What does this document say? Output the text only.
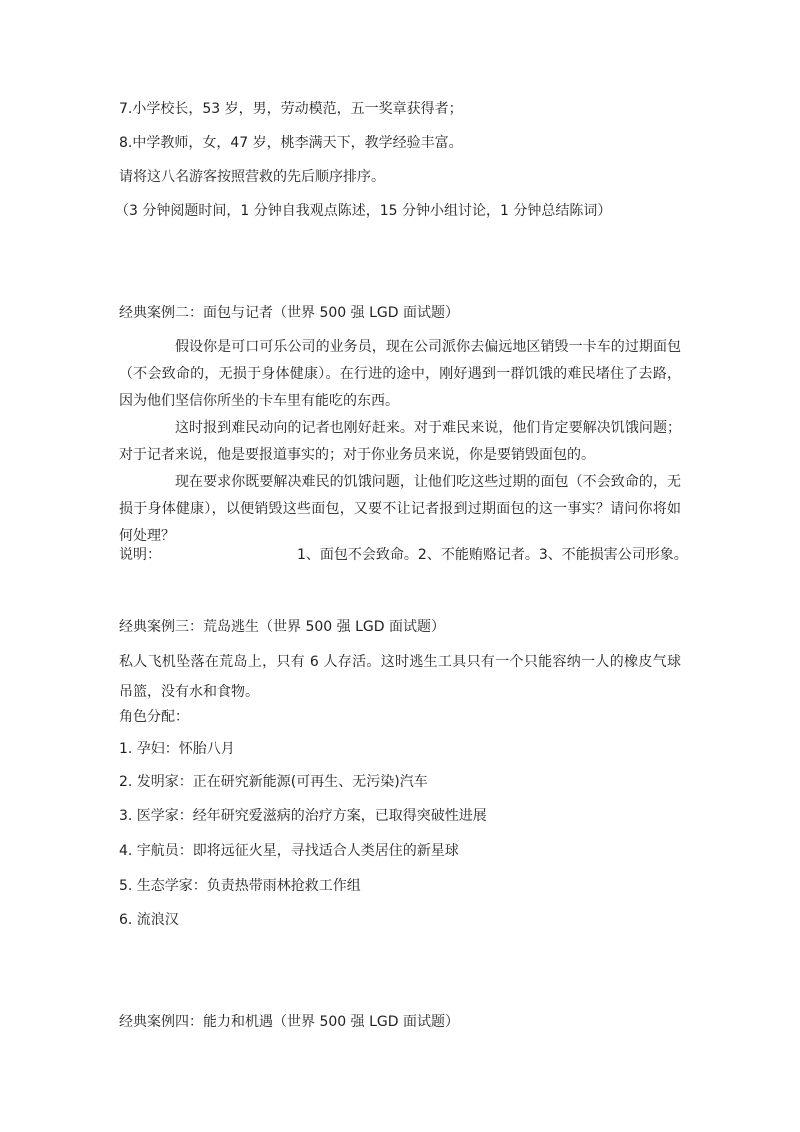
7.小学校长，53 岁，男，劳动模范，五一奖章获得者；

8.中学教师，女，47 岁，桃李满天下，教学经验丰富。

请将这八名游客按照营救的先后顺序排序。

（3 分钟阅题时间，1 分钟自我观点陈述，15 分钟小组讨论，1 分钟总结陈词）

经典案例二：面包与记者（世界 500 强 LGD 面试题）

假设你是可口可乐公司的业务员，现在公司派你去偏远地区销毁一卡车的过期面包（不会致命的，无损于身体健康）。在行进的途中，刚好遇到一群饥饿的难民堵住了去路，因为他们坚信你所坐的卡车里有能吃的东西。

这时报到难民动向的记者也刚好赶来。对于难民来说，他们肯定要解决饥饿问题；对于记者来说，他是要报道事实的；对于你业务员来说，你是要销毁面包的。

现在要求你既要解决难民的饥饿问题，让他们吃这些过期的面包（不会致命的，无损于身体健康），以便销毁这些面包，又要不让记者报到过期面包的这一事实？请问你将如何处理？

说明：	1、面包不会致命。2、不能贿赂记者。3、不能损害公司形象。

经典案例三：荒岛逃生（世界 500 强 LGD 面试题）

私人飞机坠落在荒岛上，只有 6 人存活。这时逃生工具只有一个只能容纳一人的橡皮气球吊篮，没有水和食物。

角色分配：

1. 孕妇：怀胎八月

2. 发明家：正在研究新能源(可再生、无污染)汽车

3. 医学家：经年研究爱滋病的治疗方案，已取得突破性进展

4. 宇航员：即将远征火星，寻找适合人类居住的新星球

5. 生态学家：负责热带雨林抢救工作组

6. 流浪汉

经典案例四：能力和机遇（世界 500 强 LGD 面试题）
